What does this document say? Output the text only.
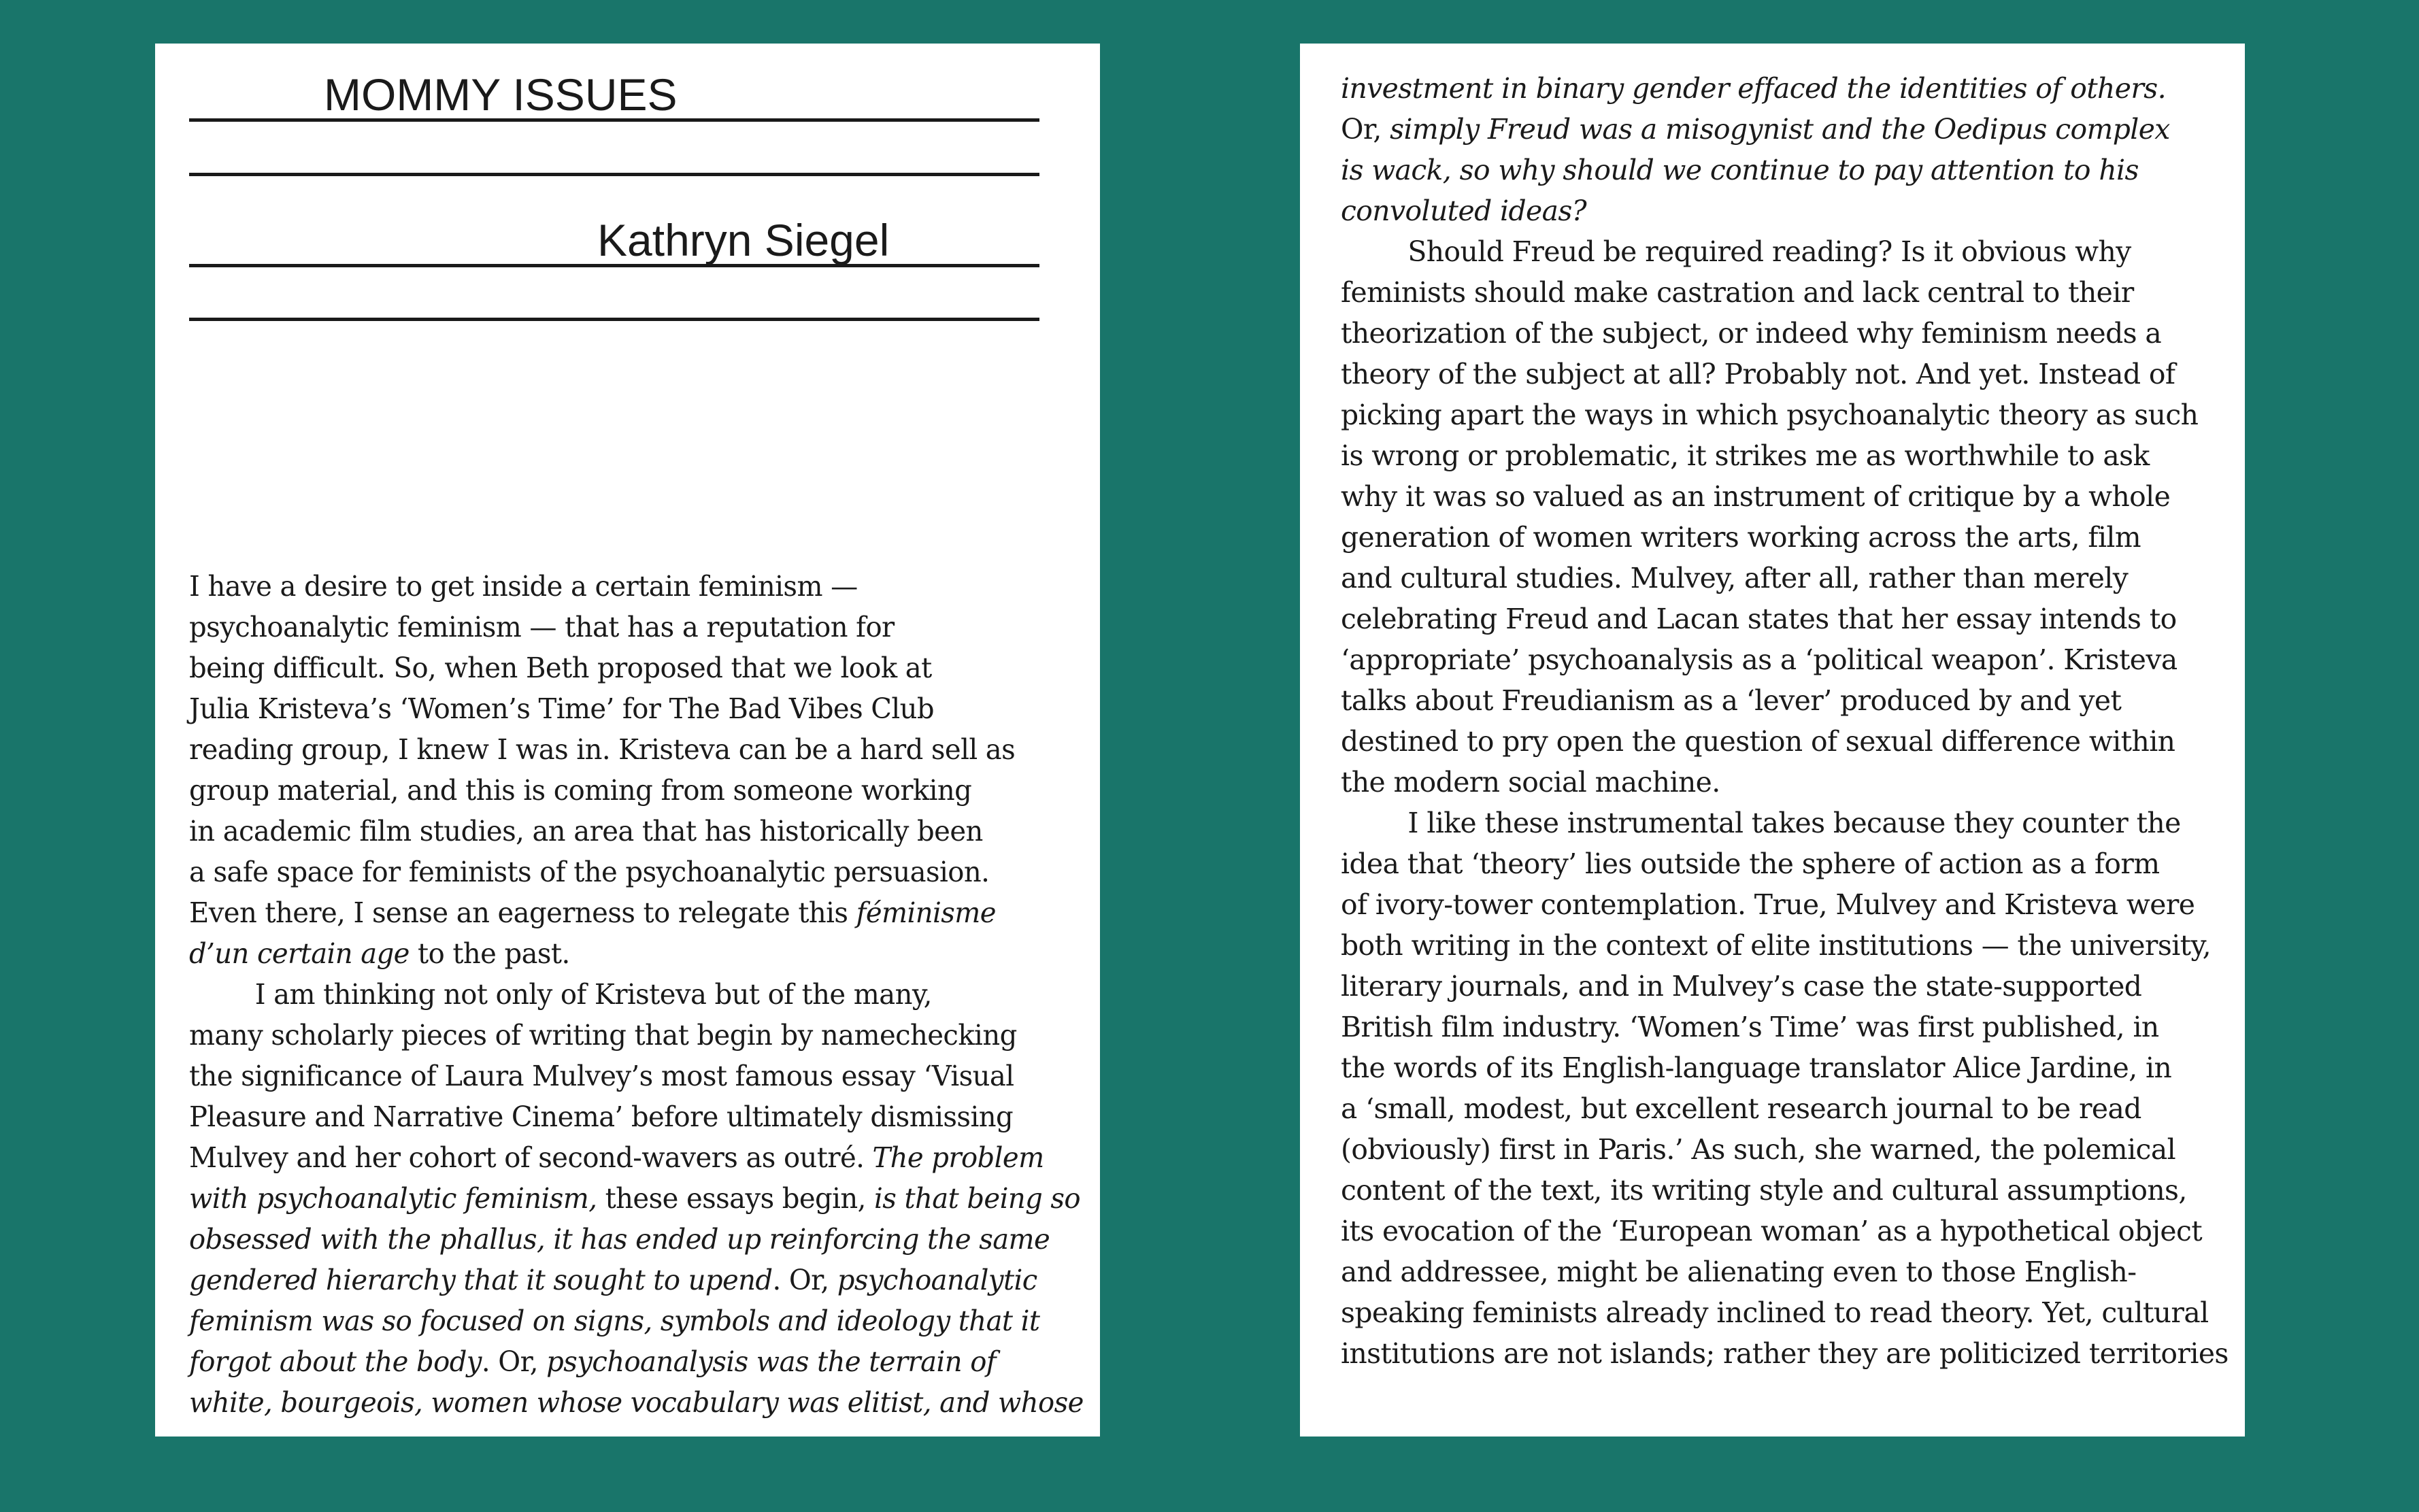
MOMMY ISSUES
Kathryn Siegel
I have a desire to get inside a certain feminism —
psychoanalytic feminism — that has a reputation for
being difficult. So, when Beth proposed that we look at
Julia Kristeva’s ‘Women’s Time’ for The Bad Vibes Club
reading group, I knew I was in. Kristeva can be a hard sell as
group material, and this is coming from someone working
in academic film studies, an area that has historically been
a safe space for feminists of the psychoanalytic persuasion.
Even there, I sense an eagerness to relegate this féminisme
d’un certain age to the past.
I am thinking not only of Kristeva but of the many,
many scholarly pieces of writing that begin by namechecking
the significance of Laura Mulvey’s most famous essay ‘Visual
Pleasure and Narrative Cinema’ before ultimately dismissing
Mulvey and her cohort of second-wavers as outré. The problem
with psychoanalytic feminism, these essays begin, is that being so
obsessed with the phallus, it has ended up reinforcing the same
gendered hierarchy that it sought to upend. Or, psychoanalytic
feminism was so focused on signs, symbols and ideology that it
forgot about the body. Or, psychoanalysis was the terrain of
white, bourgeois, women whose vocabulary was elitist, and whose
investment in binary gender effaced the identities of others.
Or, simply Freud was a misogynist and the Oedipus complex
is wack, so why should we continue to pay attention to his
convoluted ideas?
Should Freud be required reading? Is it obvious why
feminists should make castration and lack central to their
theorization of the subject, or indeed why feminism needs a
theory of the subject at all? Probably not. And yet. Instead of
picking apart the ways in which psychoanalytic theory as such
is wrong or problematic, it strikes me as worthwhile to ask
why it was so valued as an instrument of critique by a whole
generation of women writers working across the arts, film
and cultural studies. Mulvey, after all, rather than merely
celebrating Freud and Lacan states that her essay intends to
‘appropriate’ psychoanalysis as a ‘political weapon’. Kristeva
talks about Freudianism as a ‘lever’ produced by and yet
destined to pry open the question of sexual difference within
the modern social machine.
I like these instrumental takes because they counter the
idea that ‘theory’ lies outside the sphere of action as a form
of ivory-tower contemplation. True, Mulvey and Kristeva were
both writing in the context of elite institutions — the university,
literary journals, and in Mulvey’s case the state-supported
British film industry. ‘Women’s Time’ was first published, in
the words of its English-language translator Alice Jardine, in
a ‘small, modest, but excellent research journal to be read
(obviously) first in Paris.’ As such, she warned, the polemical
content of the text, its writing style and cultural assumptions,
its evocation of the ‘European woman’ as a hypothetical object
and addressee, might be alienating even to those English-
speaking feminists already inclined to read theory. Yet, cultural
institutions are not islands; rather they are politicized territories
